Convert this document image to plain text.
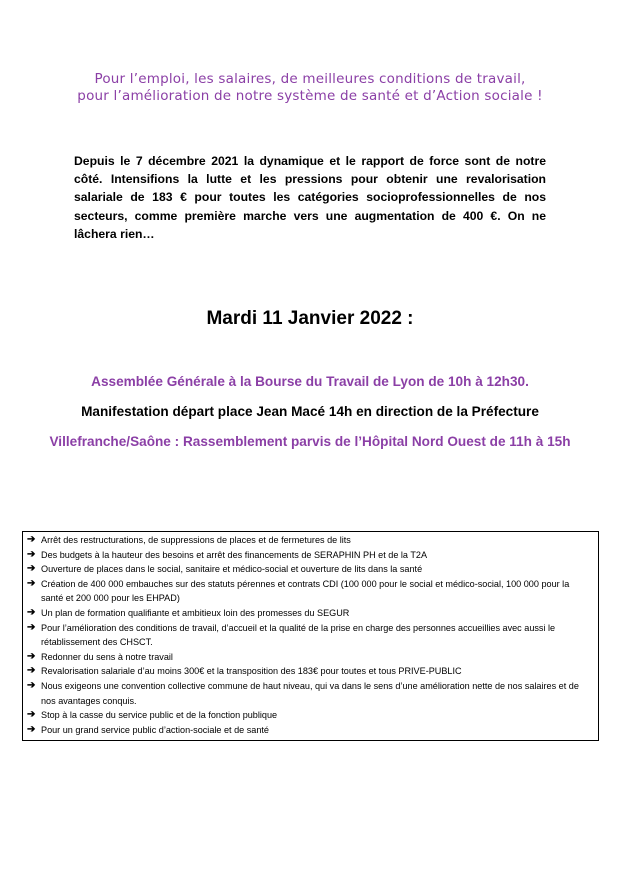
Pour l’emploi, les salaires, de meilleures conditions de travail,
pour l’amélioration de notre système de santé et d’Action sociale !
Depuis le 7 décembre 2021 la dynamique et le rapport de force sont de notre côté. Intensifions la lutte et les pressions pour obtenir une revalorisation salariale de 183 € pour toutes les catégories socioprofessionnelles de nos secteurs, comme première marche vers une augmentation de 400 €. On ne lâchera rien…
Mardi 11 Janvier 2022 :
Assemblée Générale à la Bourse du Travail de Lyon de 10h à 12h30.
Manifestation départ place Jean Macé 14h en direction de la Préfecture
Villefranche/Saône : Rassemblement parvis de l’Hôpital Nord Ouest de 11h à 15h
➔ Arrêt des restructurations, de suppressions de places et de fermetures de lits
➔ Des budgets à la hauteur des besoins et arrêt des financements de SERAPHIN PH et de la T2A
➔ Ouverture de places dans le social, sanitaire et médico-social et ouverture de lits dans la santé
➔ Création de 400 000 embauches sur des statuts pérennes et contrats CDI (100 000 pour le social et médico-social, 100 000 pour la santé et 200 000 pour les EHPAD)
➔ Un plan de formation qualifiante et ambitieux loin des promesses du SEGUR
➔ Pour l’amélioration des conditions de travail, d’accueil et la qualité de la prise en charge des personnes accueillies avec aussi le rétablissement des CHSCT.
➔ Redonner du sens à notre travail
➔ Revalorisation salariale d’au moins 300€ et la transposition des 183€ pour toutes et tous PRIVE-PUBLIC
➔ Nous exigeons une convention collective commune de haut niveau, qui va dans le sens d’une amélioration nette de nos salaires et de nos avantages conquis.
➔ Stop à la casse du service public et de la fonction publique
➔ Pour un grand service public d’action-sociale et de santé
